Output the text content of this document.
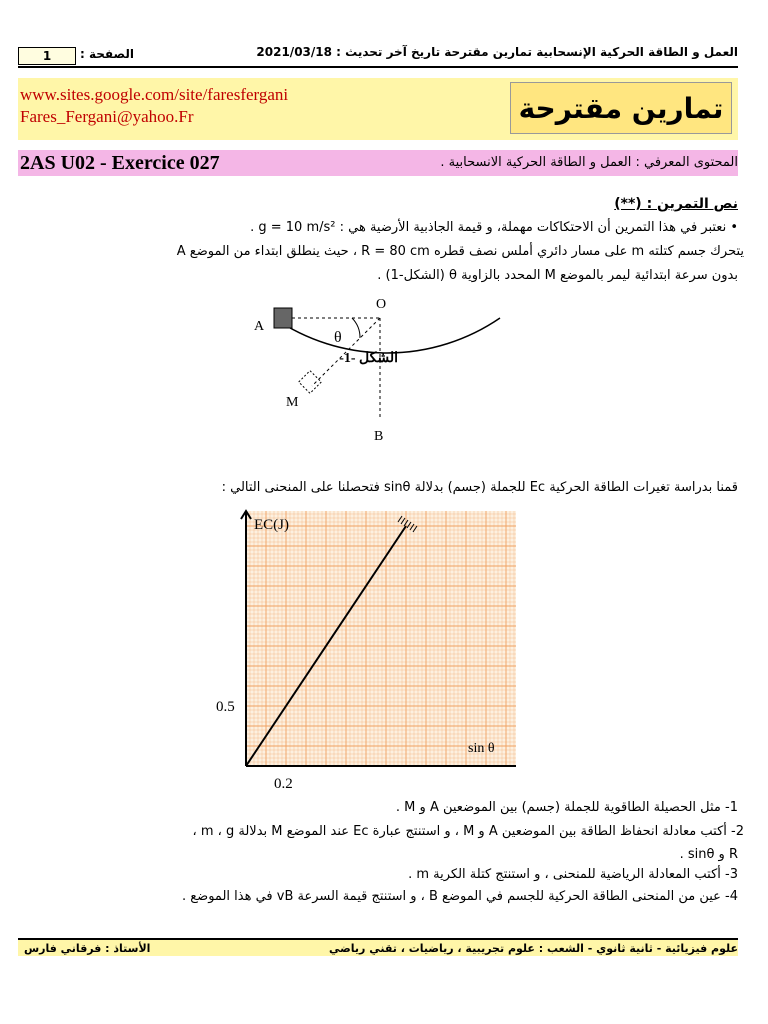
1 الصفحة :	العمل و الطاقة الحركية الإنسحابية تمارين مقترحة تاريخ آخر تحديث : 2021/03/18
www.sites.google.com/site/faresfergani
Fares_Fergani@yahoo.Fr	تمارين مقترحة
2AS U02 - Exercice 027	المحتوى المعرفي : العمل و الطاقة الحركية الانسحابية .
نص التمرين : (**)
• نعتبر في هذا التمرين أن الاحتكاكات مهملة، و قيمة الجاذبية الأرضية هي : g = 10 m/s² .
يتحرك جسم كتلته m على مسار دائري أملس نصف قطره R = 80 cm ، حيث ينطلق ابتداء من الموضع A
بدون سرعة ابتدائية ليمر بالموضع M المحدد بالزاوية θ (الشكل-1) .
A
O
θ
M
B
الشكل -1-
قمنا بدراسة تغيرات الطاقة الحركية Ec للجملة (جسم) بدلالة sinθ فتحصلنا على المنحنى التالي :
EC(J)
sin θ
0.5
0.2
1- مثل الحصيلة الطاقوية للجملة (جسم) بين الموضعين A و M .
2- أكتب معادلة انحفاظ الطاقة بين الموضعين A و M ، و استنتج عبارة Ec عند الموضع M بدلالة m ، g ،
R و sinθ .
3- أكتب المعادلة الرياضية للمنحنى ، و استنتج كتلة الكرية m .
4- عين من المنحنى الطاقة الحركية للجسم في الموضع B ، و استنتج قيمة السرعة vB في هذا الموضع .
علوم فيزيائية - ثانية ثانوي - الشعب : علوم تجريبية ، رياضيات ، تقني رياضي
الأستاذ : فرقاني فارس
